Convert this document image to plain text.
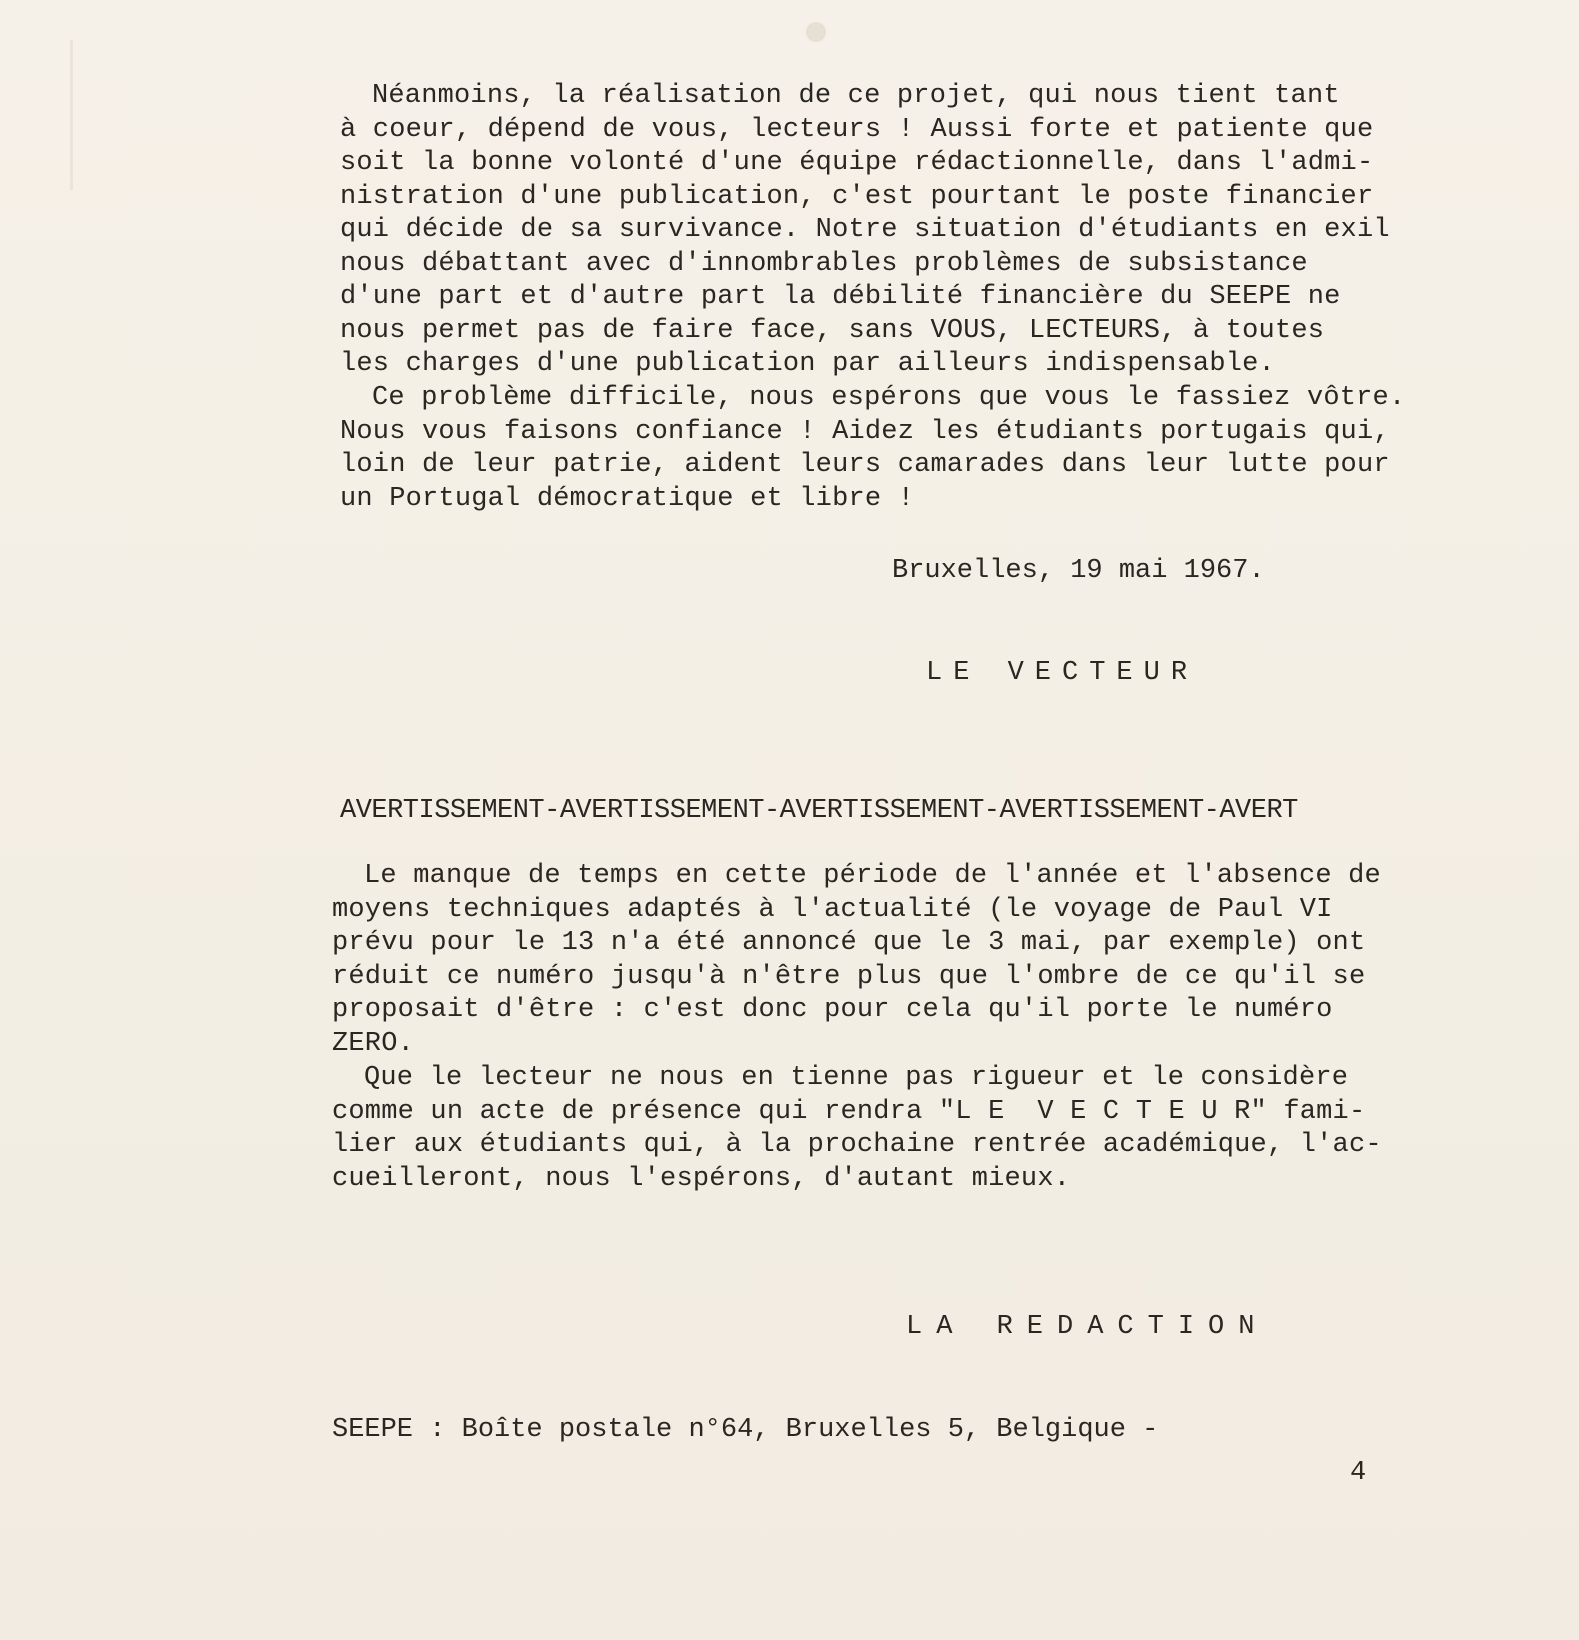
Néanmoins, la réalisation de ce projet, qui nous tient tant

à coeur, dépend de vous, lecteurs ! Aussi forte et patiente que

soit la bonne volonté d'une équipe rédactionnelle, dans l'admi-

nistration d'une publication, c'est pourtant le poste financier

qui décide de sa survivance. Notre situation d'étudiants en exil

nous débattant avec d'innombrables problèmes de subsistance

d'une part et d'autre part la débilité financière du SEEPE ne

nous permet pas de faire face, sans VOUS, LECTEURS, à toutes

les charges d'une publication par ailleurs indispensable.

Ce problème difficile, nous espérons que vous le fassiez vôtre.

Nous vous faisons confiance ! Aidez les étudiants portugais qui,

loin de leur patrie, aident leurs camarades dans leur lutte pour

un Portugal démocratique et libre !

Bruxelles, 19 mai 1967.
LE VECTEUR
AVERTISSEMENT-AVERTISSEMENT-AVERTISSEMENT-AVERTISSEMENT-AVERT

Le manque de temps en cette période de l'année et l'absence de

moyens techniques adaptés à l'actualité (le voyage de Paul VI

prévu pour le 13 n'a été annoncé que le 3 mai, par exemple) ont

réduit ce numéro jusqu'à n'être plus que l'ombre de ce qu'il se

proposait d'être : c'est donc pour cela qu'il porte le numéro

ZERO.

Que le lecteur ne nous en tienne pas rigueur et le considère

comme un acte de présence qui rendra "L E  V E C T E U R" fami-

lier aux étudiants qui, à la prochaine rentrée académique, l'ac-

cueilleront, nous l'espérons, d'autant mieux.

LA REDACTION
SEEPE : Boîte postale n°64, Bruxelles 5, Belgique -
4
